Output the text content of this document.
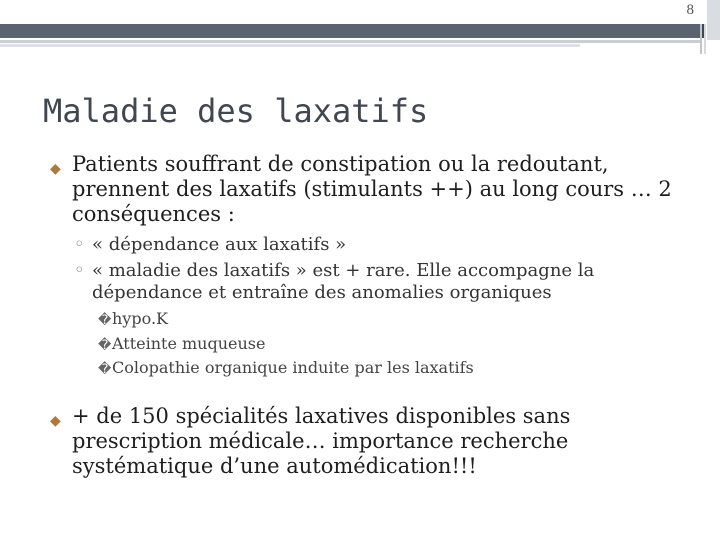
8
Maladie des laxatifs
◆ Patients souffrant de constipation ou la redoutant, prennent des laxatifs (stimulants ++) au long cours … 2 conséquences :
◦ « dépendance aux laxatifs »
◦ « maladie des laxatifs » est + rare. Elle accompagne la dépendance et entraîne des anomalies organiques
�hypo.K
�Atteinte muqueuse
�Colopathie organique induite par les laxatifs
◆ + de 150 spécialités laxatives disponibles sans prescription médicale… importance recherche systématique d’une automédication!!!
